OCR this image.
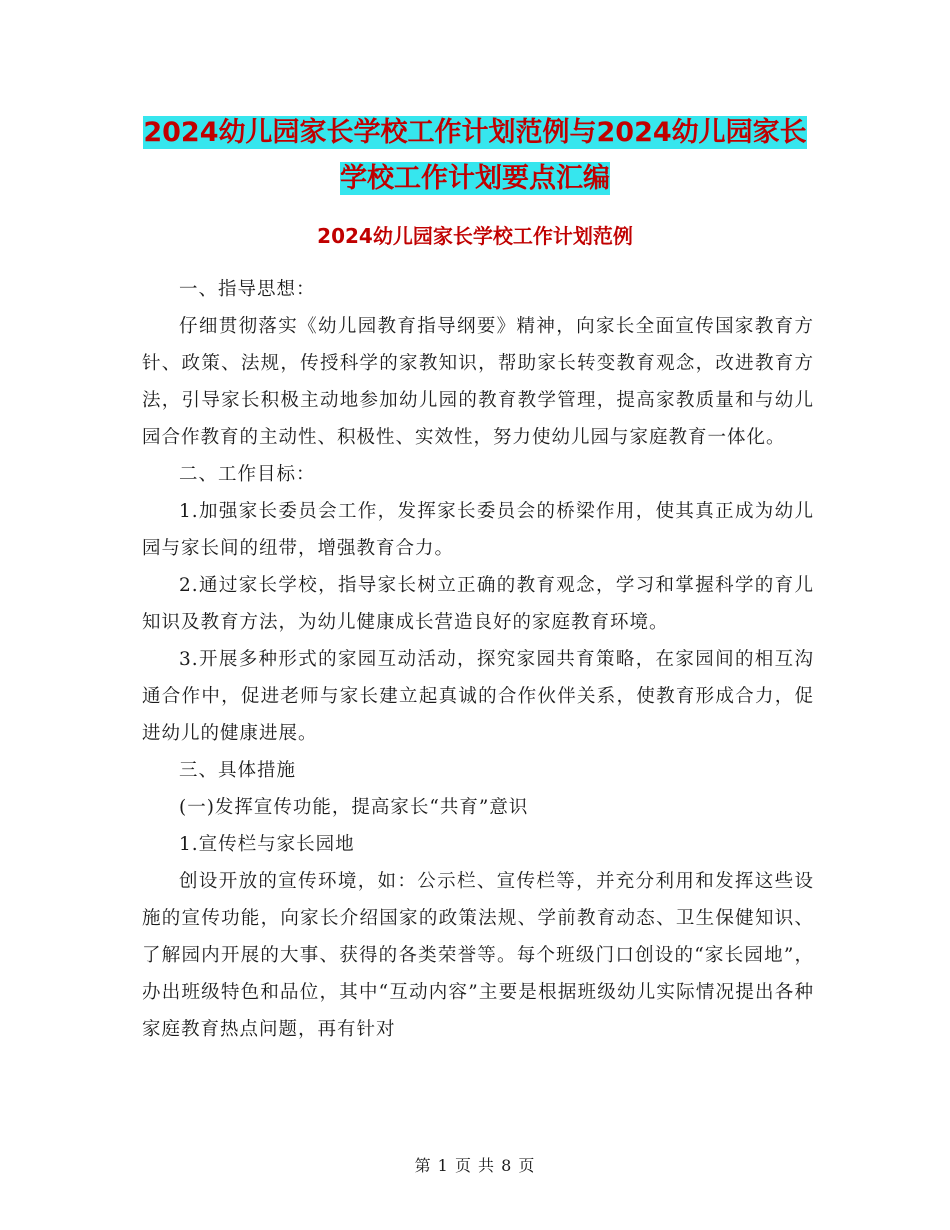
2024幼儿园家长学校工作计划范例与2024幼儿园家长
学校工作计划要点汇编
2024幼儿园家长学校工作计划范例

一、指导思想：

仔细贯彻落实《幼儿园教育指导纲要》精神，向家长全面宣传国家教育方针、政策、法规，传授科学的家教知识，帮助家长转变教育观念，改进教育方法，引导家长积极主动地参加幼儿园的教育教学管理，提高家教质量和与幼儿园合作教育的主动性、积极性、实效性，努力使幼儿园与家庭教育一体化。

二、工作目标：

1.加强家长委员会工作，发挥家长委员会的桥梁作用，使其真正成为幼儿园与家长间的纽带，增强教育合力。

2.通过家长学校，指导家长树立正确的教育观念，学习和掌握科学的育儿知识及教育方法，为幼儿健康成长营造良好的家庭教育环境。

3.开展多种形式的家园互动活动，探究家园共育策略，在家园间的相互沟通合作中，促进老师与家长建立起真诚的合作伙伴关系，使教育形成合力，促进幼儿的健康进展。

三、具体措施

(一)发挥宣传功能，提高家长“共育”意识

1.宣传栏与家长园地

创设开放的宣传环境，如：公示栏、宣传栏等，并充分利用和发挥这些设施的宣传功能，向家长介绍国家的政策法规、学前教育动态、卫生保健知识、了解园内开展的大事、获得的各类荣誉等。每个班级门口创设的“家长园地”，办出班级特色和品位，其中“互动内容”主要是根据班级幼儿实际情况提出各种家庭教育热点问题，再有针对

第 1 页 共 8 页
